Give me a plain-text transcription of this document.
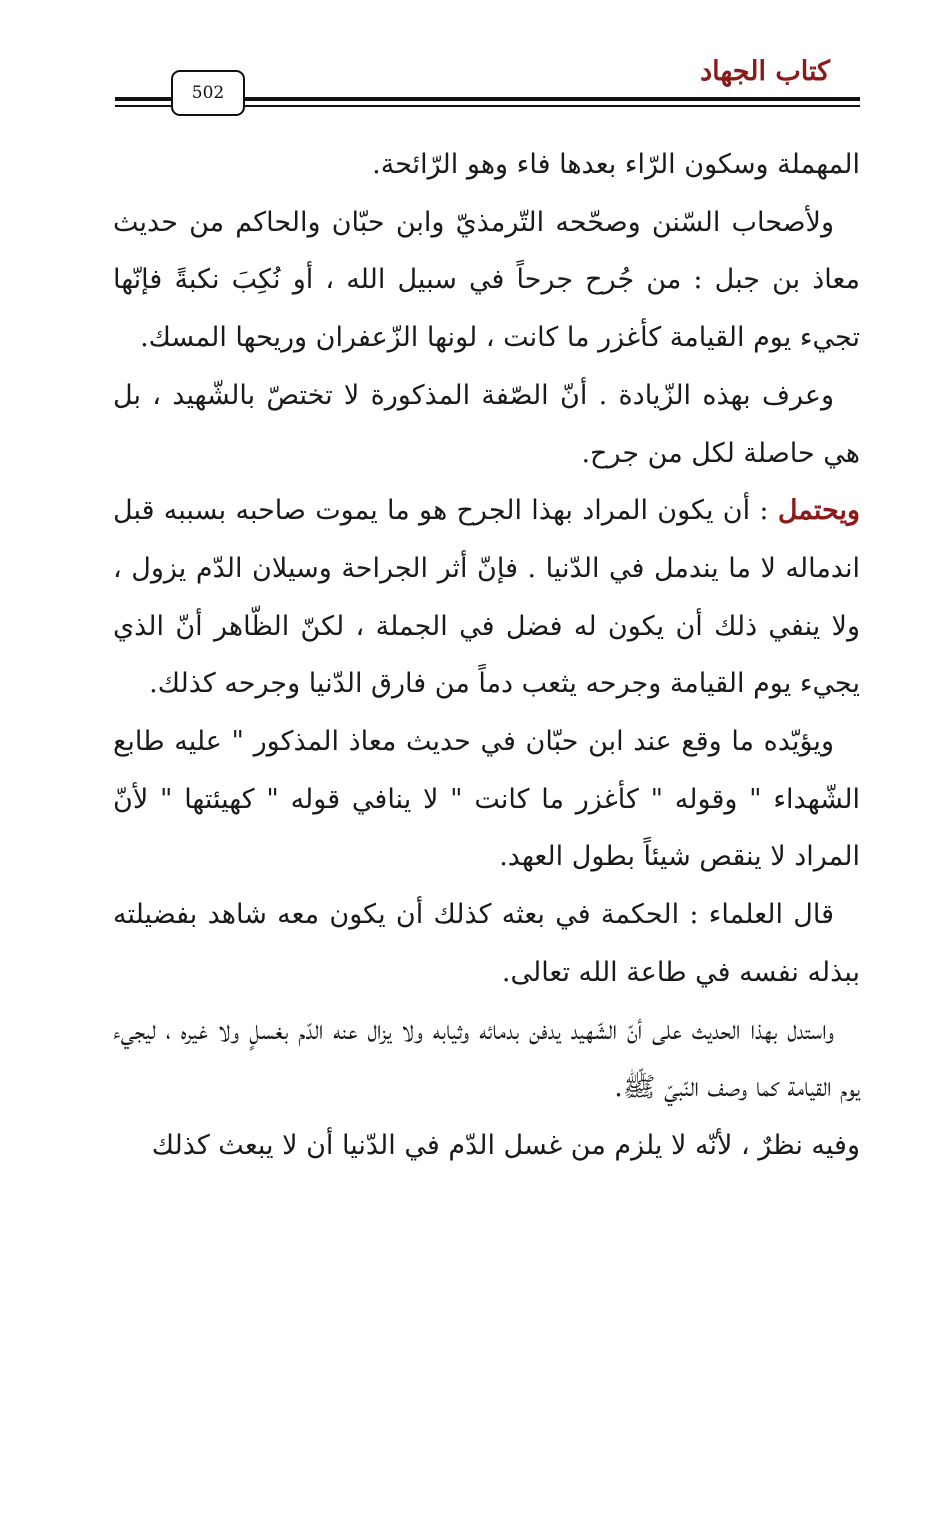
كتاب الجهاد
502

المهملة وسكون الرّاء بعدها فاء وهو الرّائحة.

ولأصحاب السّنن وصحّحه التّرمذيّ وابن حبّان والحاكم من حديث معاذ بن جبل : من جُرح جرحاً في سبيل الله ، أو نُكِبَ نكبةً فإنّها تجيء يوم القيامة كأغزر ما كانت ، لونها الزّعفران وريحها المسك.

وعرف بهذه الزّيادة . أنّ الصّفة المذكورة لا تختصّ بالشّهيد ، بل هي حاصلة لكل من جرح.

ويحتمل : أن يكون المراد بهذا الجرح هو ما يموت صاحبه بسببه قبل اندماله لا ما يندمل في الدّنيا . فإنّ أثر الجراحة وسيلان الدّم يزول ، ولا ينفي ذلك أن يكون له فضل في الجملة ، لكنّ الظّاهر أنّ الذي يجيء يوم القيامة وجرحه يثعب دماً من فارق الدّنيا وجرحه كذلك.

ويؤيّده ما وقع عند ابن حبّان في حديث معاذ المذكور " عليه طابع الشّهداء " وقوله " كأغزر ما كانت " لا ينافي قوله " كهيئتها " لأنّ المراد لا ينقص شيئاً بطول العهد.

قال العلماء : الحكمة في بعثه كذلك أن يكون معه شاهد بفضيلته ببذله نفسه في طاعة الله تعالى.

واستدل بهذا الحديث على أنّ الشّهيد يدفن بدمائه وثيابه ولا يزال عنه الدّم بغسلٍ ولا غيره ، ليجيء يوم القيامة كما وصف النّبيّ ﷺ.

وفيه نظرٌ ، لأنّه لا يلزم من غسل الدّم في الدّنيا أن لا يبعث كذلك
